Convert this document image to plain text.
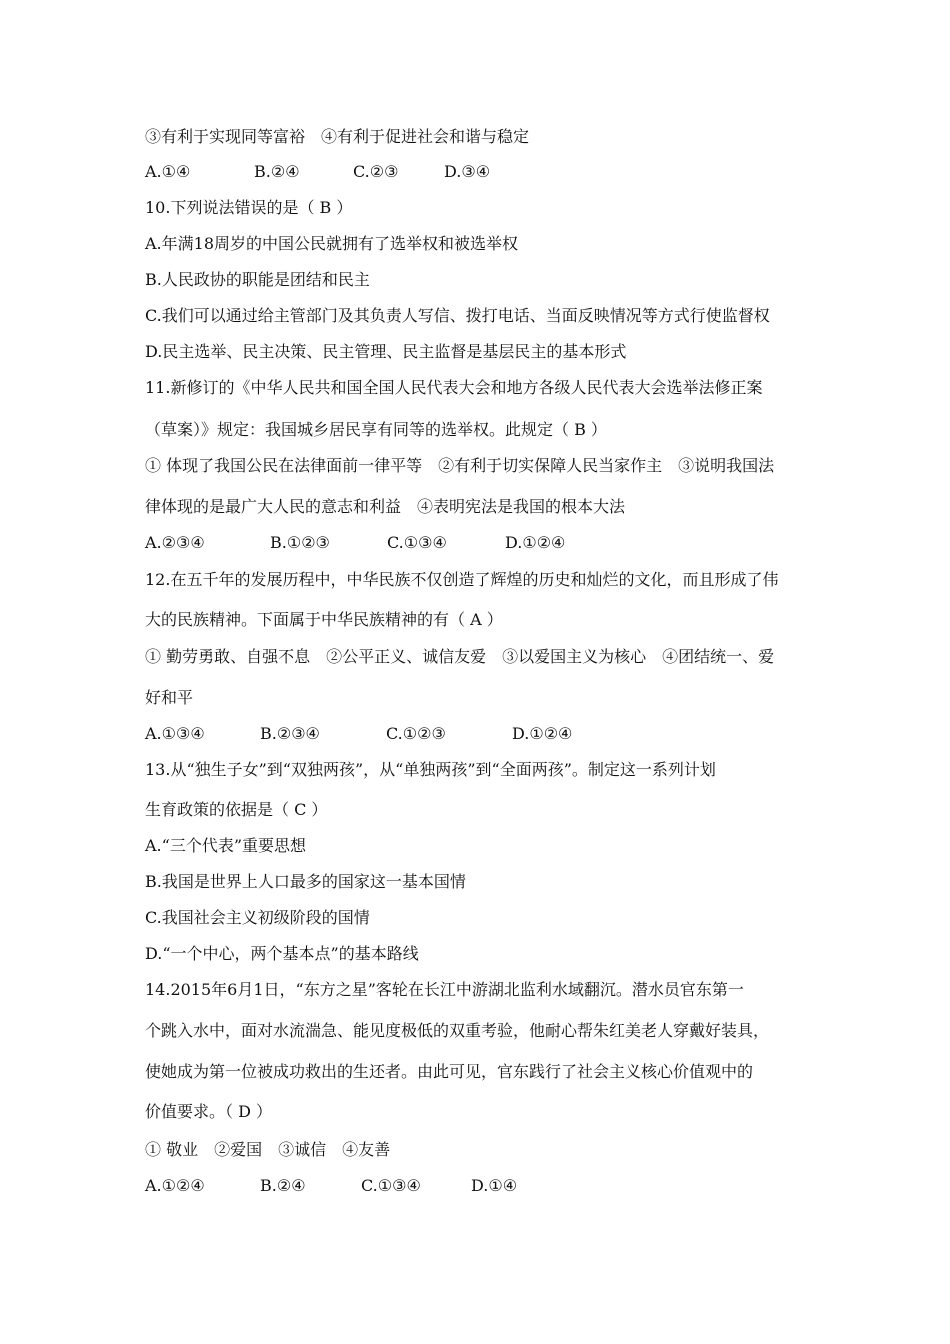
③有利于实现同等富裕　④有利于促进社会和谐与稳定
A.①④	B.②④	C.②③	D.③④
10.下列说法错误的是（ B ）
A.年满18周岁的中国公民就拥有了选举权和被选举权
B.人民政协的职能是团结和民主
C.我们可以通过给主管部门及其负责人写信、拨打电话、当面反映情况等方式行使监督权
D.民主选举、民主决策、民主管理、民主监督是基层民主的基本形式
11.新修订的《中华人民共和国全国人民代表大会和地方各级人民代表大会选举法修正案
（草案）》规定：我国城乡居民享有同等的选举权。此规定（ B ）
① 体现了我国公民在法律面前一律平等　②有利于切实保障人民当家作主　③说明我国法
律体现的是最广大人民的意志和利益　④表明宪法是我国的根本大法
A.②③④	B.①②③	C.①③④	D.①②④
12.在五千年的发展历程中，中华民族不仅创造了辉煌的历史和灿烂的文化，而且形成了伟
大的民族精神。下面属于中华民族精神的有（ A ）
① 勤劳勇敢、自强不息　②公平正义、诚信友爱　③以爱国主义为核心　④团结统一、爱
好和平
A.①③④	B.②③④	C.①②③	D.①②④
13.从“独生子女”到“双独两孩”，从“单独两孩”到“全面两孩”。制定这一系列计划
生育政策的依据是（ C ）
A.“三个代表”重要思想
B.我国是世界上人口最多的国家这一基本国情
C.我国社会主义初级阶段的国情
D.“一个中心，两个基本点”的基本路线
14.2015年6月1日，“东方之星”客轮在长江中游湖北监利水域翻沉。潜水员官东第一
个跳入水中，面对水流湍急、能见度极低的双重考验，他耐心帮朱红美老人穿戴好装具，
使她成为第一位被成功救出的生还者。由此可见，官东践行了社会主义核心价值观中的
价值要求。（ D ）
① 敬业　②爱国　③诚信　④友善
A.①②④	B.②④	C.①③④	D.①④
